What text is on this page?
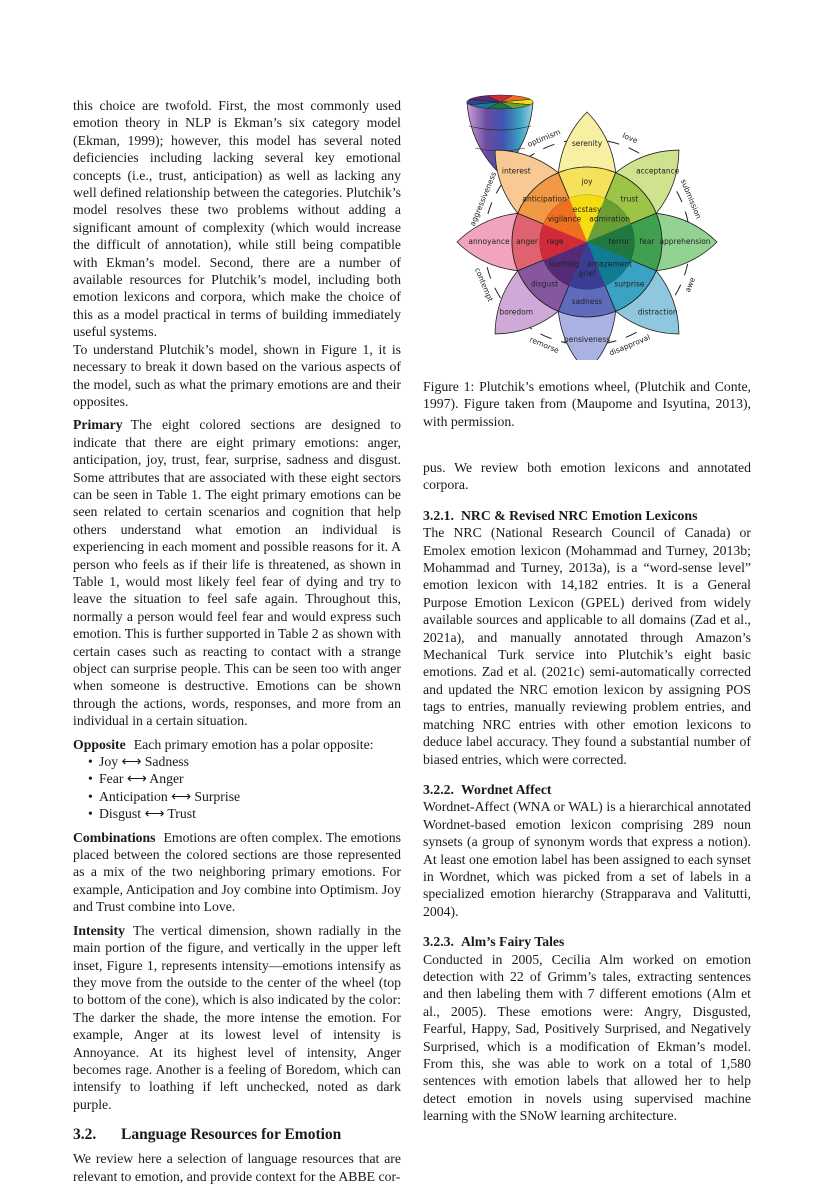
this choice are twofold. First, the most commonly used emotion theory in NLP is Ekman’s six category model (Ekman, 1999); however, this model has several noted deficiencies including lacking several key emotional concepts (i.e., trust, anticipation) as well as lacking any well defined relationship between the categories. Plutchik’s model resolves these two problems without adding a significant amount of complexity (which would increase the difficult of annotation), while still being compatible with Ekman’s model. Second, there are a number of available resources for Plutchik’s model, including both emotion lexicons and corpora, which make the choice of this as a model practical in terms of building immediately useful systems.

To understand Plutchik’s model, shown in Figure 1, it is necessary to break it down based on the various aspects of the model, such as what the primary emotions are and their opposites.

Primary The eight colored sections are designed to indicate that there are eight primary emotions: anger, anticipation, joy, trust, fear, surprise, sadness and disgust. Some attributes that are associated with these eight sectors can be seen in Table 1. The eight primary emotions can be seen related to certain scenarios and cognition that help others understand what emotion an individual is experiencing in each moment and possible reasons for it. A person who feels as if their life is threatened, as shown in Table 1, would most likely feel fear of dying and try to leave the situation to feel safe again. Throughout this, normally a person would feel fear and would express such emotion. This is further supported in Table 2 as shown with certain cases such as reacting to contact with a strange object can surprise people. This can be seen too with anger when someone is destructive. Emotions can be shown through the actions, words, responses, and more from an individual in a certain situation.

Opposite Each primary emotion has a polar opposite:

• Joy ⟷ Sadness
• Fear ⟷ Anger
• Anticipation ⟷ Surprise
• Disgust ⟷ Trust

Combinations Emotions are often complex. The emotions placed between the colored sections are those represented as a mix of the two neighboring primary emotions. For example, Anticipation and Joy combine into Optimism. Joy and Trust combine into Love.

Intensity The vertical dimension, shown radially in the main portion of the figure, and vertically in the upper left inset, Figure 1, represents intensity—emotions intensify as they move from the outside to the center of the wheel (top to bottom of the cone), which is also indicated by the color: The darker the shade, the more intense the emotion. For example, Anger at its lowest level of intensity is Annoyance. At its highest level of intensity, Anger becomes rage. Another is a feeling of Boredom, which can intensify to loathing if left unchecked, noted as dark purple.

3.2. Language Resources for Emotion

We review here a selection of language resources that are relevant to emotion, and provide context for the ABBE cor-

serenity
joy
ecstasy
acceptance
trust
admiration
apprehension
fear
terror
distraction
surprise
amazement
pensiveness
sadness
grief
boredom
disgust
loathing
annoyance anger rage
interest
anticipation
vigilance
love
submission
awe
disapproval
remorse
contempt
aggressiveness
optimism

Figure 1: Plutchik’s emotions wheel, (Plutchik and Conte, 1997). Figure taken from (Maupome and Isyutina, 2013), with permission.

pus. We review both emotion lexicons and annotated corpora.

3.2.1. NRC & Revised NRC Emotion Lexicons

The NRC (National Research Council of Canada) or Emolex emotion lexicon (Mohammad and Turney, 2013b; Mohammad and Turney, 2013a), is a “word-sense level” emotion lexicon with 14,182 entries. It is a General Purpose Emotion Lexicon (GPEL) derived from widely available sources and applicable to all domains (Zad et al., 2021a), and manually annotated through Amazon’s Mechanical Turk service into Plutchik’s eight basic emotions. Zad et al. (2021c) semi-automatically corrected and updated the NRC emotion lexicon by assigning POS tags to entries, manually reviewing problem entries, and matching NRC entries with other emotion lexicons to deduce label accuracy. They found a substantial number of biased entries, which were corrected.

3.2.2. Wordnet Affect

Wordnet-Affect (WNA or WAL) is a hierarchical annotated Wordnet-based emotion lexicon comprising 289 noun synsets (a group of synonym words that express a notion). At least one emotion label has been assigned to each synset in Wordnet, which was picked from a set of labels in a specialized emotion hierarchy (Strapparava and Valitutti, 2004).

3.2.3. Alm’s Fairy Tales

Conducted in 2005, Cecilia Alm worked on emotion detection with 22 of Grimm’s tales, extracting sentences and then labeling them with 7 different emotions (Alm et al., 2005). These emotions were: Angry, Disgusted, Fearful, Happy, Sad, Positively Surprised, and Negatively Surprised, which is a modification of Ekman’s model. From this, she was able to work on a total of 1,580 sentences with emotion labels that allowed her to help detect emotion in novels using supervised machine learning with the SNoW learning architecture.
